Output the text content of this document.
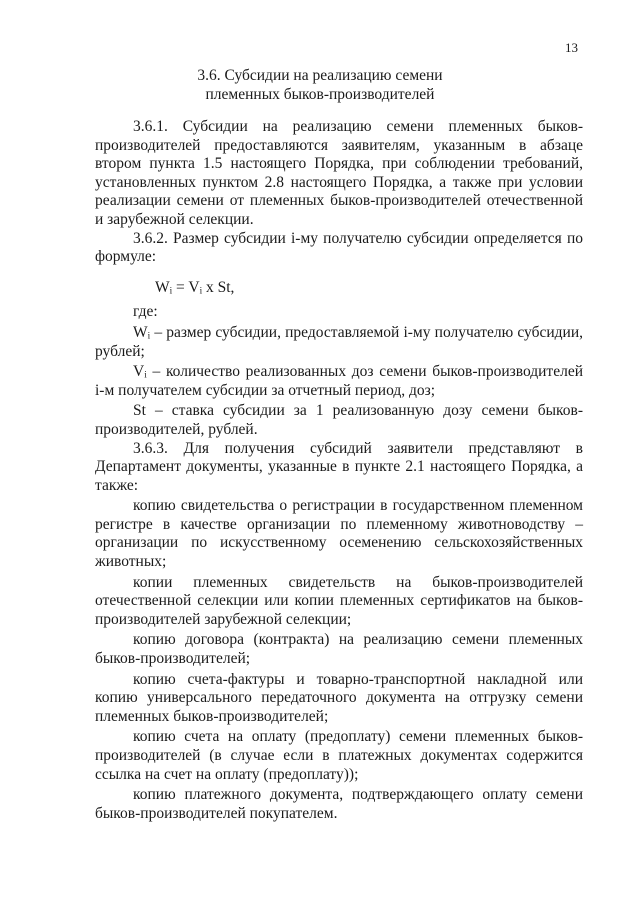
13
3.6. Субсидии на реализацию семени
племенных быков-производителей

3.6.1. Субсидии на реализацию семени племенных быков-производителей предоставляются заявителям, указанным в абзаце втором пункта 1.5 настоящего Порядка, при соблюдении требований, установленных пунктом 2.8 настоящего Порядка, а также при условии реализации семени от племенных быков-производителей отечественной и зарубежной селекции.

3.6.2. Размер субсидии i-му получателю субсидии определяется по формуле:

Wᵢ = Vᵢ x St,

где:

Wᵢ – размер субсидии, предоставляемой i-му получателю субсидии, рублей;

Vᵢ – количество реализованных доз семени быков-производителей i-м получателем субсидии за отчетный период, доз;

St – ставка субсидии за 1 реализованную дозу семени быков-производителей, рублей.

3.6.3. Для получения субсидий заявители представляют в Департамент документы, указанные в пункте 2.1 настоящего Порядка, а также:

копию свидетельства о регистрации в государственном племенном регистре в качестве организации по племенному животноводству – организации по искусственному осеменению сельскохозяйственных животных;

копии племенных свидетельств на быков-производителей отечественной селекции или копии племенных сертификатов на быков-производителей зарубежной селекции;

копию договора (контракта) на реализацию семени племенных быков-производителей;

копию счета-фактуры и товарно-транспортной накладной или копию универсального передаточного документа на отгрузку семени племенных быков-производителей;

копию счета на оплату (предоплату) семени племенных быков-производителей (в случае если в платежных документах содержится ссылка на счет на оплату (предоплату));

копию платежного документа, подтверждающего оплату семени быков-производителей покупателем.
